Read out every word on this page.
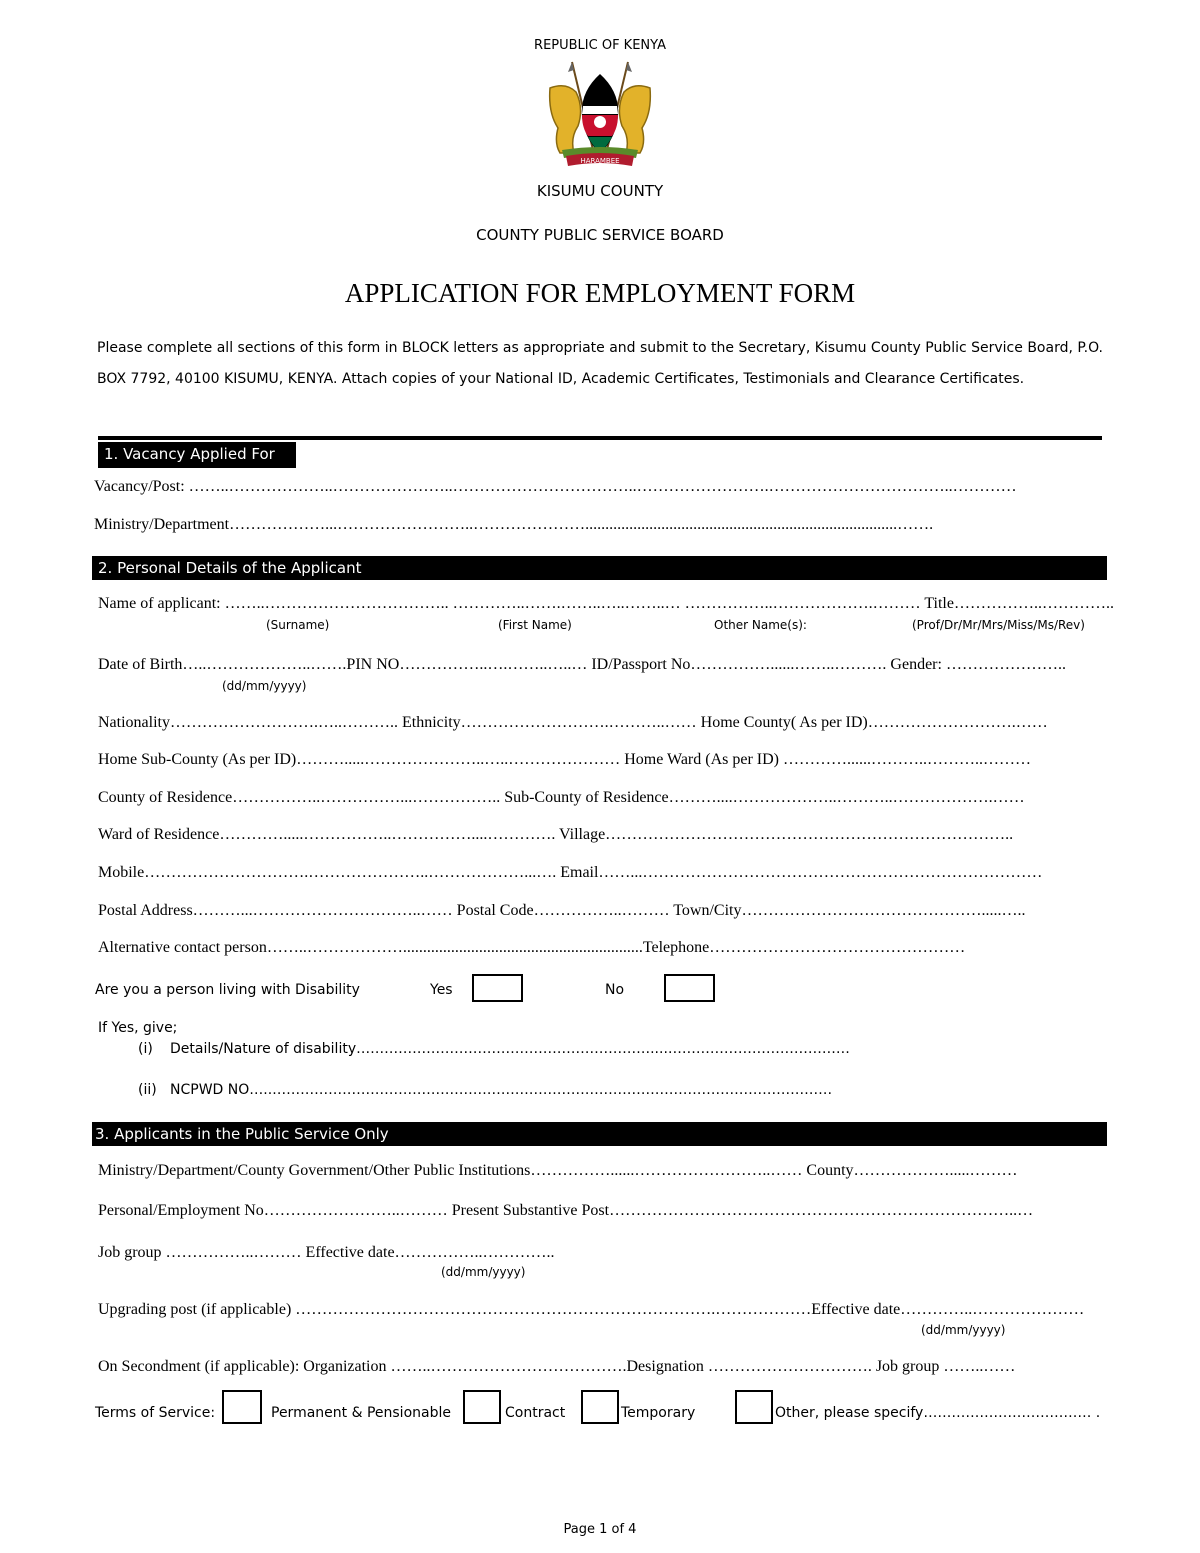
REPUBLIC OF KENYA
HARAMBEE
KISUMU COUNTY
COUNTY PUBLIC SERVICE BOARD
APPLICATION FOR EMPLOYMENT FORM
Please complete all sections of this form in BLOCK letters as appropriate and submit to the Secretary, Kisumu County Public Service Board, P.O.
BOX 7792, 40100 KISUMU, KENYA. Attach copies of your National ID, Academic Certificates, Testimonials and Clearance Certificates.
1. Vacancy Applied For
Vacancy/Post: ……..………………..…………………..……………………………..…………………….……………………………..…………
Ministry/Department………………...……………………..…………………..............................................................................…….
2. Personal Details of the Applicant
Name of applicant: ……..…………………………….. …………..…….……..…..……..… ……………..……………….……… Title……………..…………..
(Surname)	(First Name)	Other Name(s):	(Prof/Dr/Mr/Mrs/Miss/Ms/Rev)
Date of Birth…..………………..…….PIN NO……………..….……..…..… ID/Passport No……………......……..………. Gender: …………………..
(dd/mm/yyyy)
Nationality……………………….…..……….. Ethnicity……………………….………..…… Home County( As per ID)……………………….……
Home Sub-County (As per ID)……….....…………………..…..………………… Home Ward (As per ID) …………......………..………..………
County of Residence……………..……………...…………….. Sub-County of Residence………....………………..………..……………….……
Ward of Residence………….....……………..……………....…………. Village…………………………………………………………………..
Mobile………………………….…………………..………………...…. Email……...…………………………………………………………………
Postal Address………...…………………………..…… Postal Code……………..……… Town/City……………………………………….....…..
Alternative contact person……..………………............................................................Telephone…………………………………………
Are you a person living with Disability	Yes	No
If Yes, give;
(i) Details/Nature of disability………………………………………………………....…………………………………
(ii) NCPWD NO…..…………………………………………………………………………………………………………
3. Applicants in the Public Service Only
Ministry/Department/County Government/Other Public Institutions……………......……………………..…… County……………….....………
Personal/Employment No……………………..……… Present Substantive Post…………………………………………………………………..…
Job group ……………..……… Effective date……………..…………..
(dd/mm/yyyy)
Upgrading post (if applicable) …………………………………………………………………….………………Effective date…………..…………………
(dd/mm/yyyy)
On Secondment (if applicable): Organization ……..……………………………….Designation …………………………. Job group ……..……
Terms of Service:	Permanent & Pensionable	Contract	Temporary	Other, please specify……………………………… .
Page 1 of 4
